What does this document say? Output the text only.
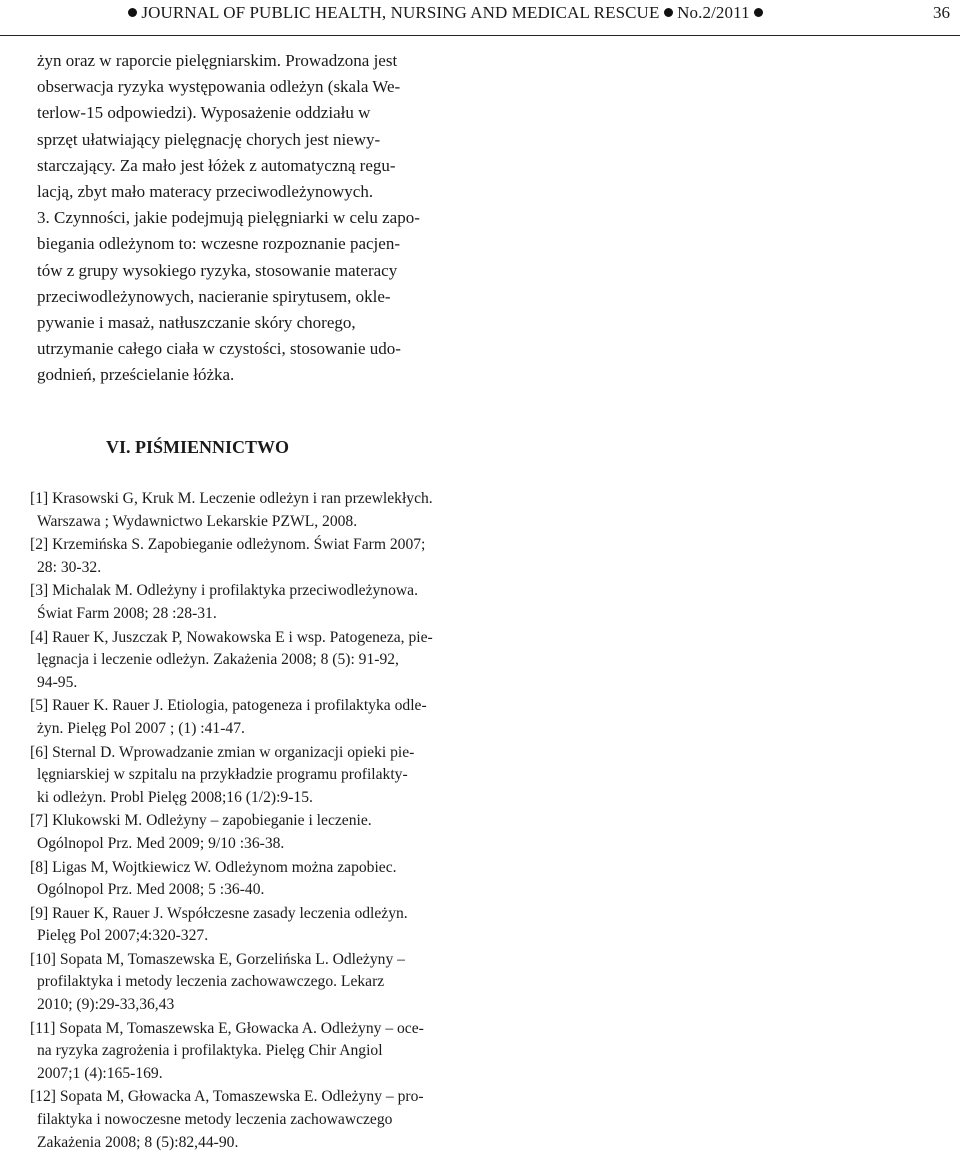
JOURNAL OF PUBLIC HEALTH, NURSING AND MEDICAL RESCUE No.2/2011	36
żyn oraz w raporcie pielęgniarskim. Prowadzona jest
obserwacja ryzyka występowania odleżyn (skala We-
terlow-15 odpowiedzi). Wyposażenie oddziału w
sprzęt ułatwiający pielęgnację chorych jest niewy-
starczający. Za mało jest łóżek z automatyczną regu-
lacją, zbyt mało materacy przeciwodleżynowych.
3. Czynności, jakie podejmują pielęgniarki w celu zapo-
biegania odleżynom to: wczesne rozpoznanie pacjen-
tów z grupy wysokiego ryzyka, stosowanie materacy
przeciwodleżynowych, nacieranie spirytusem, okle-
pywanie i masaż, natłuszczanie skóry chorego,
utrzymanie całego ciała w czystości, stosowanie udo-
godnień, prześcielanie łóżka.
VI. PIŚMIENNICTWO
[1] Krasowski G, Kruk M. Leczenie odleżyn i ran przewlekłych.
Warszawa ; Wydawnictwo Lekarskie PZWL, 2008.
[2] Krzemińska S. Zapobieganie odleżynom. Świat Farm 2007;
28: 30-32.
[3] Michalak M. Odleżyny i profilaktyka przeciwodleżynowa.
Świat Farm 2008; 28 :28-31.
[4] Rauer K, Juszczak P, Nowakowska E i wsp. Patogeneza, pie-
lęgnacja i leczenie odleżyn. Zakażenia 2008; 8 (5): 91-92,
94-95.
[5] Rauer K. Rauer J. Etiologia, patogeneza i profilaktyka odle-
żyn. Pielęg Pol 2007 ; (1) :41-47.
[6] Sternal D. Wprowadzanie zmian w organizacji opieki pie-
lęgniarskiej w szpitalu na przykładzie programu profilakty-
ki odleżyn. Probl Pielęg 2008;16 (1/2):9-15.
[7] Klukowski M. Odleżyny – zapobieganie i leczenie.
Ogólnopol Prz. Med 2009; 9/10 :36-38.
[8] Ligas M, Wojtkiewicz W. Odleżynom można zapobiec.
Ogólnopol Prz. Med 2008; 5 :36-40.
[9] Rauer K, Rauer J. Współczesne zasady leczenia odleżyn.
Pielęg Pol 2007;4:320-327.
[10] Sopata M, Tomaszewska E, Gorzelińska L. Odleżyny –
profilaktyka i metody leczenia zachowawczego. Lekarz
2010; (9):29-33,36,43
[11] Sopata M, Tomaszewska E, Głowacka A. Odleżyny – oce-
na ryzyka zagrożenia i profilaktyka. Pielęg Chir Angiol
2007;1 (4):165-169.
[12] Sopata M, Głowacka A, Tomaszewska E. Odleżyny – pro-
filaktyka i nowoczesne metody leczenia zachowawczego
Zakażenia 2008; 8 (5):82,44-90.
